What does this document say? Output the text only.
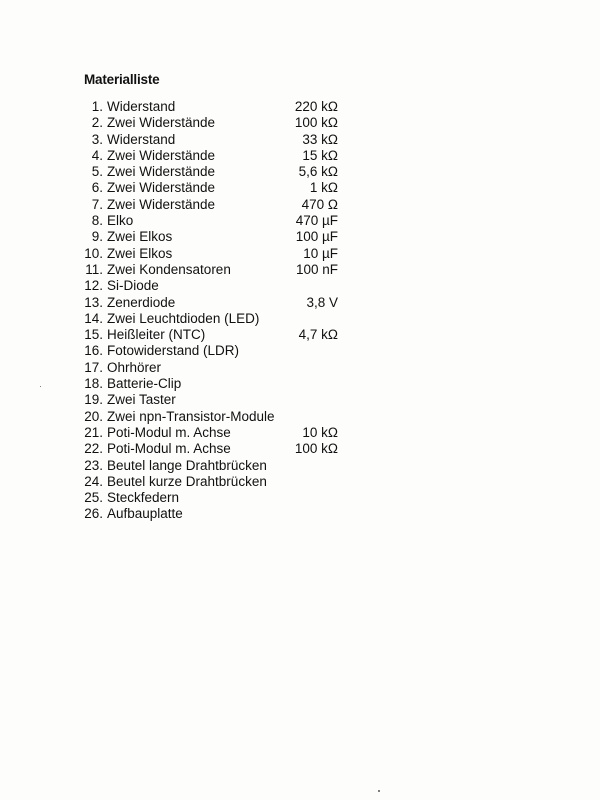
Materialliste
1. Widerstand	220 kΩ
2. Zwei Widerstände	100 kΩ
3. Widerstand	33 kΩ
4. Zwei Widerstände	15 kΩ
5. Zwei Widerstände	5,6 kΩ
6. Zwei Widerstände	1 kΩ
7. Zwei Widerstände	470 Ω
8. Elko	470 µF
9. Zwei Elkos	100 µF
10. Zwei Elkos	10 µF
11. Zwei Kondensatoren	100 nF
12. Si-Diode
13. Zenerdiode	3,8 V
14. Zwei Leuchtdioden (LED)
15. Heißleiter (NTC)	4,7 kΩ
16. Fotowiderstand (LDR)
17. Ohrhörer
18. Batterie-Clip
19. Zwei Taster
20. Zwei npn-Transistor-Module
21. Poti-Modul m. Achse	10 kΩ
22. Poti-Modul m. Achse	100 kΩ
23. Beutel lange Drahtbrücken
24. Beutel kurze Drahtbrücken
25. Steckfedern
26. Aufbauplatte
